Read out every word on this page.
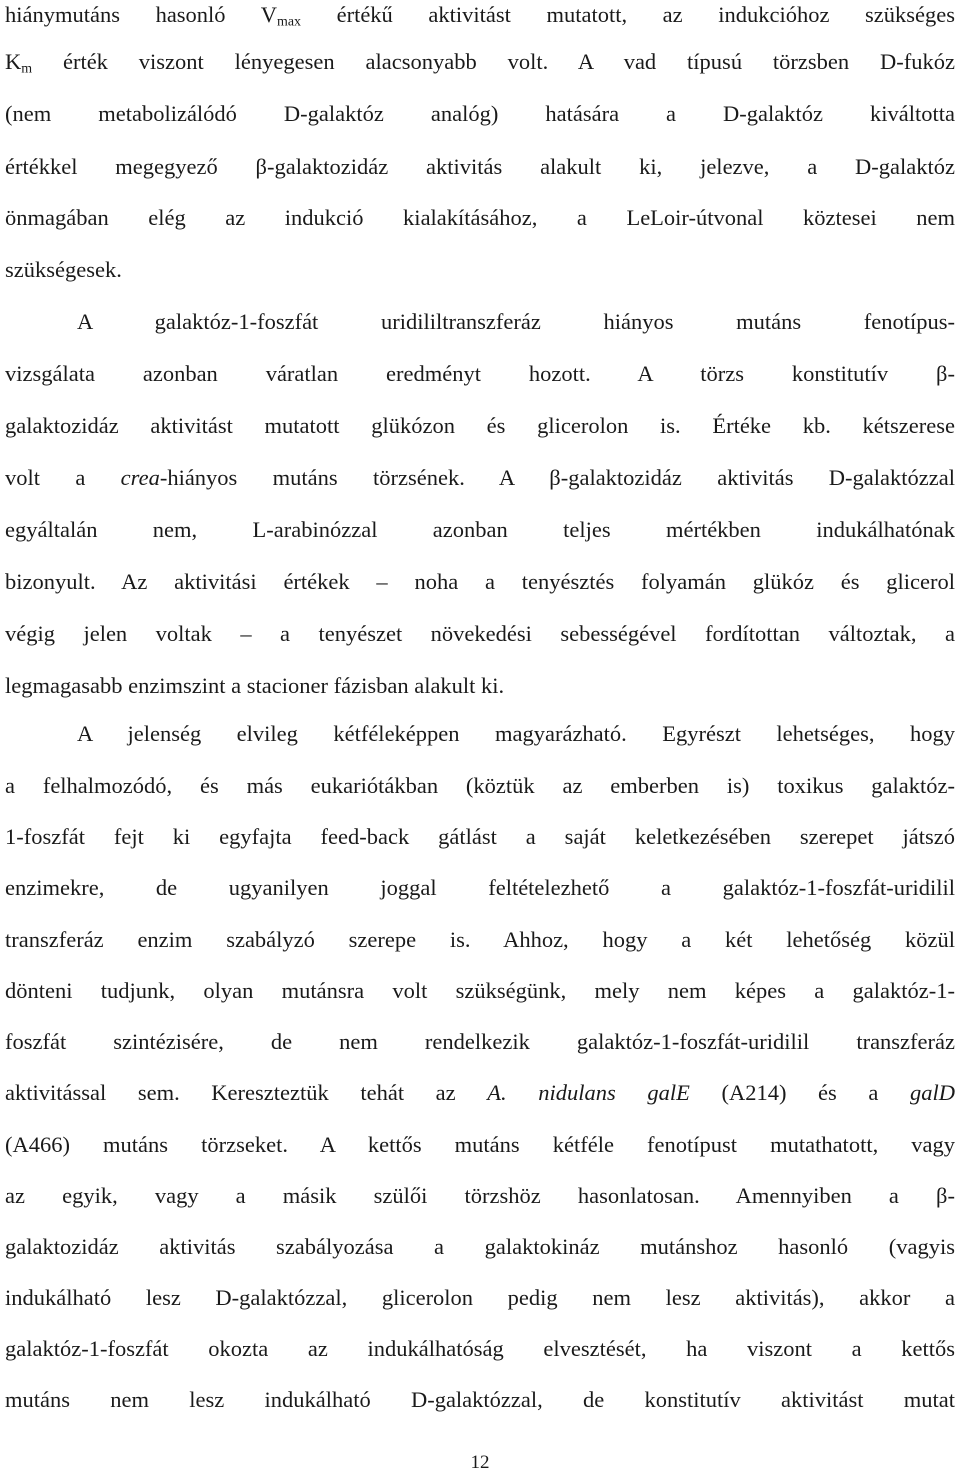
hiánymutáns hasonló $V_{max}$ értékű aktivitást mutatott, az indukcióhoz szükséges
$K_m$ érték viszont lényegesen alacsonyabb volt. A vad típusú törzsben D-fukóz
(nem metabolizálódó D-galaktóz analóg) hatására a D-galaktóz kiváltotta
értékkel megegyező β-galaktozidáz aktivitás alakult ki, jelezve, a D-galaktóz
önmagában elég az indukció kialakításához, a LeLoir-útvonal köztesei nem
szükségesek.
A galaktóz-1-foszfát uridililtranszferáz hiányos mutáns fenotípus-
vizsgálata azonban váratlan eredményt hozott. A törzs konstitutív β-
galaktozidáz aktivitást mutatott glükózon és glicerolon is. Értéke kb. kétszerese
volt a crea-hiányos mutáns törzsének. A β-galaktozidáz aktivitás D-galaktózzal
egyáltalán nem, L-arabinózzal azonban teljes mértékben indukálhatónak
bizonyult. Az aktivitási értékek – noha a tenyésztés folyamán glükóz és glicerol
végig jelen voltak – a tenyészet növekedési sebességével fordítottan változtak, a
legmagasabb enzimszint a stacioner fázisban alakult ki.
A jelenség elvileg kétféleképpen magyarázható. Egyrészt lehetséges, hogy
a felhalmozódó, és más eukariótákban (köztük az emberben is) toxikus galaktóz-
1-foszfát fejt ki egyfajta feed-back gátlást a saját keletkezésében szerepet játszó
enzimekre, de ugyanilyen joggal feltételezhető a galaktóz-1-foszfát-uridilil
transzferáz enzim szabályzó szerepe is. Ahhoz, hogy a két lehetőség közül
dönteni tudjunk, olyan mutánsra volt szükségünk, mely nem képes a galaktóz-1-
foszfát szintézisére, de nem rendelkezik galaktóz-1-foszfát-uridilil transzferáz
aktivitással sem. Kereszteztük tehát az A. nidulans galE (A214) és a galD
(A466) mutáns törzseket. A kettős mutáns kétféle fenotípust mutathatott, vagy
az egyik, vagy a másik szülői törzshöz hasonlatosan. Amennyiben a β-
galaktozidáz aktivitás szabályozása a galaktokináz mutánshoz hasonló (vagyis
indukálható lesz D-galaktózzal, glicerolon pedig nem lesz aktivitás), akkor a
galaktóz-1-foszfát okozta az indukálhatóság elvesztését, ha viszont a kettős
mutáns nem lesz indukálható D-galaktózzal, de konstitutív aktivitást mutat
12
